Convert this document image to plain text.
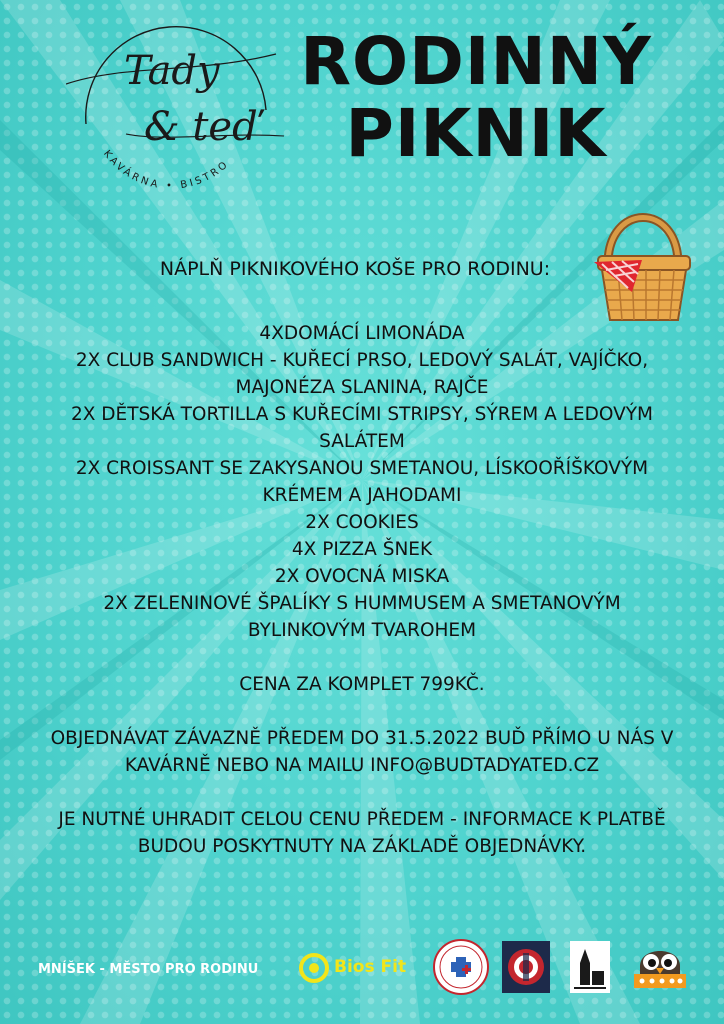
KAVÁRNA • BISTRO
Tady
& teď
RODINNÝ
PIKNIK
NÁPLŇ PIKNIKOVÉHO KOŠE PRO RODINU:

4XDOMÁCÍ LIMONÁDA

2X CLUB SANDWICH - KUŘECÍ PRSO, LEDOVÝ SALÁT, VAJÍČKO,

MAJONÉZA SLANINA, RAJČE

2X DĚTSKÁ TORTILLA S KUŘECÍMI STRIPSY, SÝREM A LEDOVÝM

SALÁTEM

2X CROISSANT SE ZAKYSANOU SMETANOU, LÍSKOOŘÍŠKOVÝM

KRÉMEM A JAHODAMI

2X COOKIES

4X PIZZA ŠNEK

2X OVOCNÁ MISKA

2X ZELENINOVÉ ŠPALÍKY S HUMMUSEM A SMETANOVÝM

BYLINKOVÝM TVAROHEM

CENA ZA KOMPLET 799KČ.

OBJEDNÁVAT ZÁVAZNĚ PŘEDEM DO 31.5.2022 BUĎ PŘÍMO U NÁS V

KAVÁRNĚ NEBO NA MAILU INFO@BUDTADYATED.CZ

JE NUTNÉ UHRADIT CELOU CENU PŘEDEM - INFORMACE K PLATBĚ

BUDOU POSKYTNUTY NA ZÁKLADĚ OBJEDNÁVKY.

MNÍŠEK - MĚSTO PRO RODINU	Bios Fit
